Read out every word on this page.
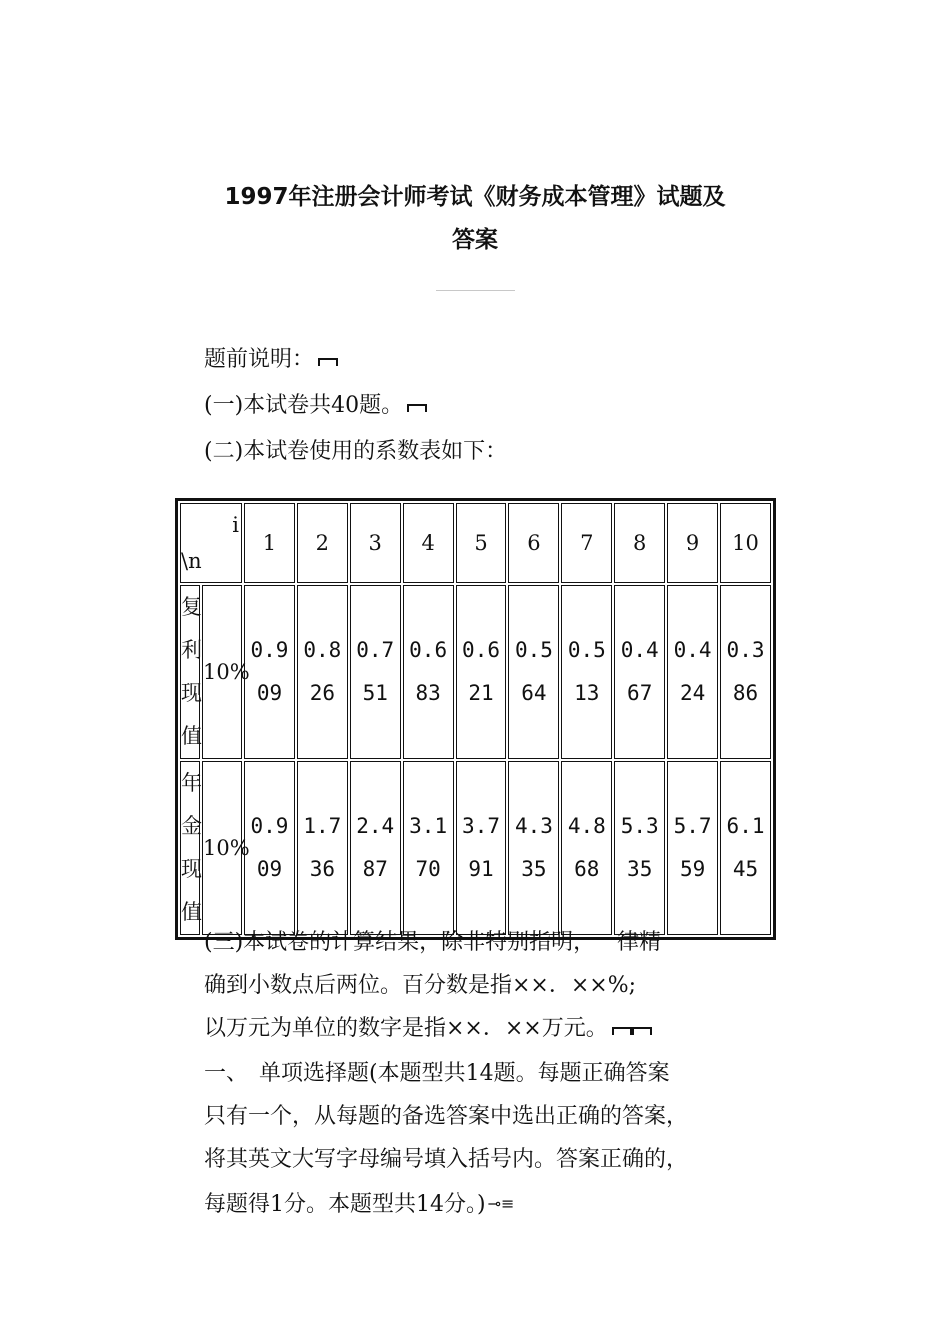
1997年注册会计师考试《财务成本管理》试题及
答案
题前说明：
(一)本试卷共40题。
(二)本试卷使用的系数表如下：
i
\n		1	2	3	4	5	6	7	8	9	10
复利现值	10%	0.909	0.826	0.751	0.683	0.621	0.564	0.513	0.467	0.424	0.386
年金现值	10%	0.909	1.736	2.487	3.170	3.791	4.335	4.868	5.335	5.759	6.145
(三)本试卷的计算结果，除非特别指明，一律精
确到小数点后两位。百分数是指××．××%;
以万元为单位的数字是指××．××万元。
一、　单项选择题(本题型共14题。每题正确答案
只有一个，从每题的备选答案中选出正确的答案，
将其英文大写字母编号填入括号内。答案正确的，
每题得1分。本题型共14分。) ⊸≡
